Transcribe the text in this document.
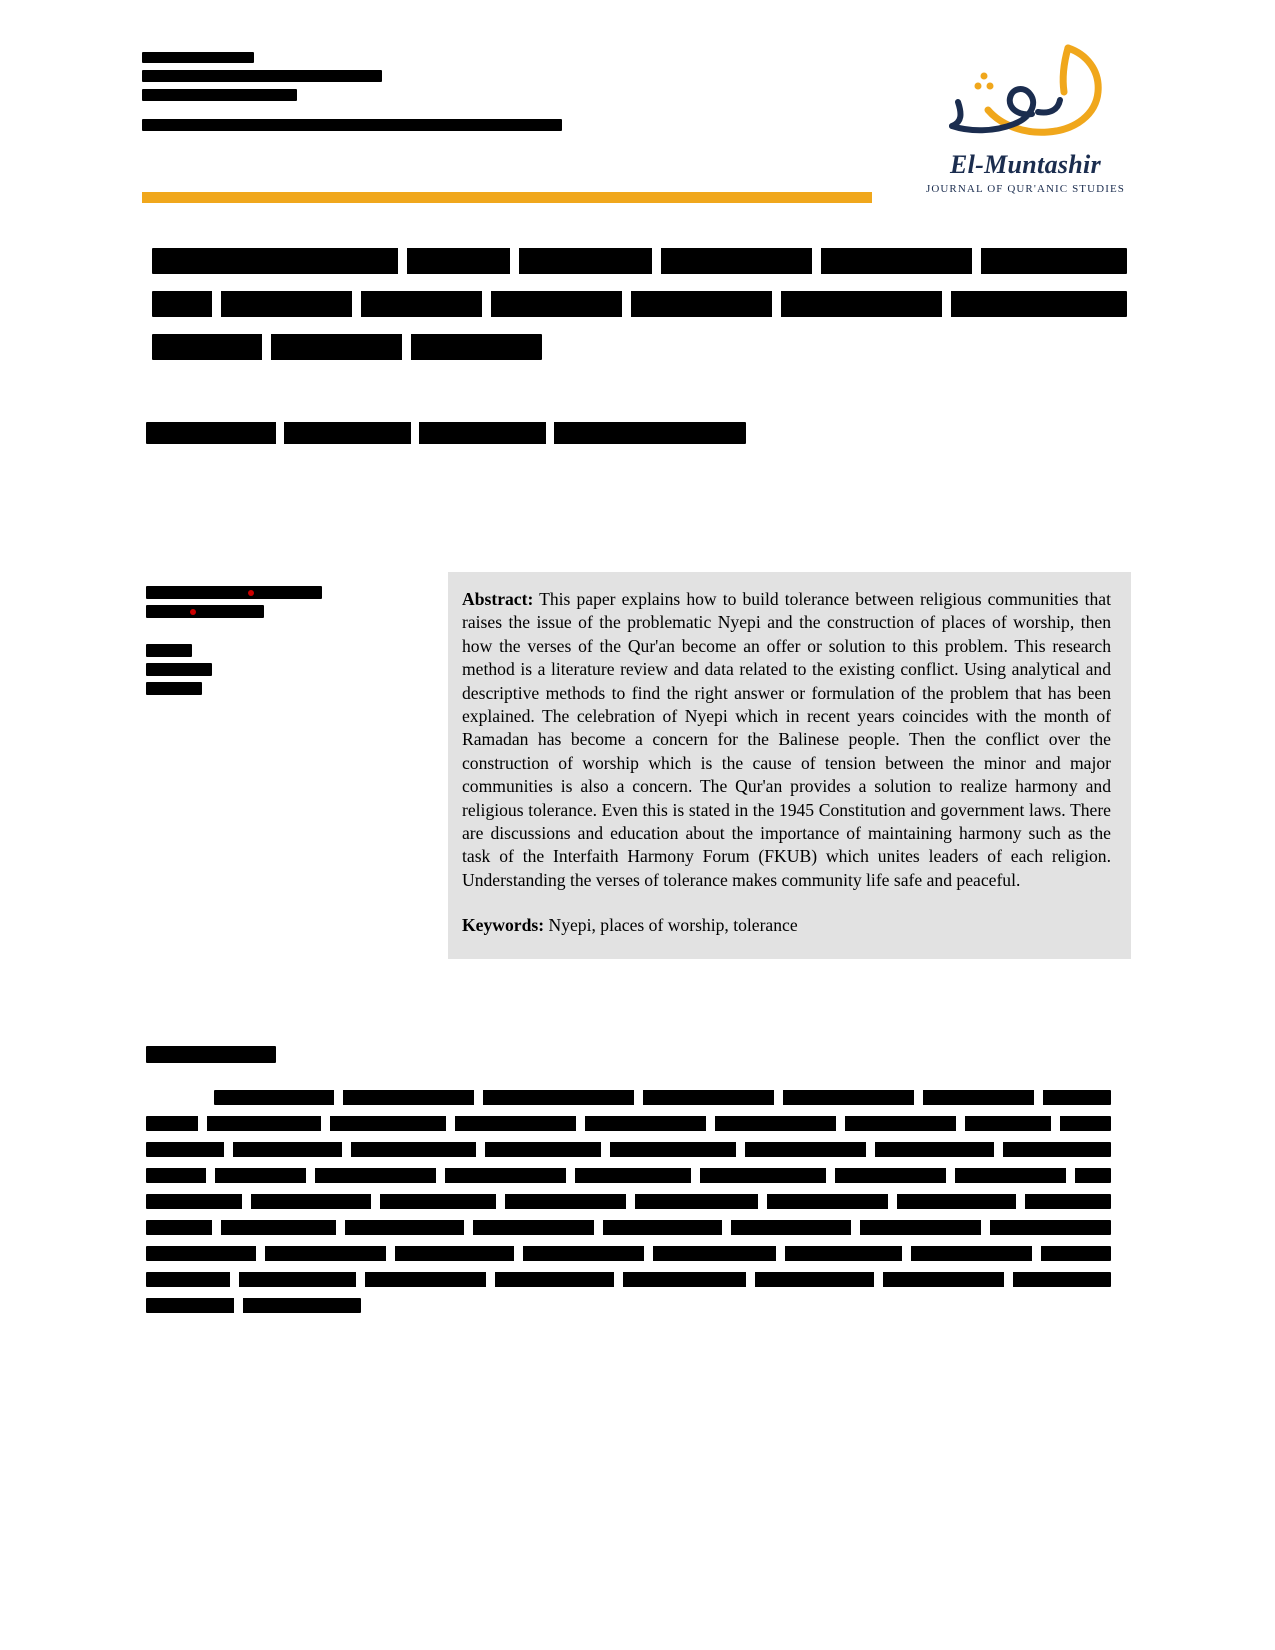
El-Muntashir
JOURNAL OF QUR'ANIC STUDIES

Abstract: This paper explains how to build tolerance between religious communities that raises the issue of the problematic Nyepi and the construction of places of worship, then how the verses of the Qur'an become an offer or solution to this problem. This research method is a literature review and data related to the existing conflict. Using analytical and descriptive methods to find the right answer or formulation of the problem that has been explained. The celebration of Nyepi which in recent years coincides with the month of Ramadan has become a concern for the Balinese people. Then the conflict over the construction of worship which is the cause of tension between the minor and major communities is also a concern. The Qur'an provides a solution to realize harmony and religious tolerance. Even this is stated in the 1945 Constitution and government laws. There are discussions and education about the importance of maintaining harmony such as the task of the Interfaith Harmony Forum (FKUB) which unites leaders of each religion. Understanding the verses of tolerance makes community life safe and peaceful.

Keywords: Nyepi, places of worship, tolerance
